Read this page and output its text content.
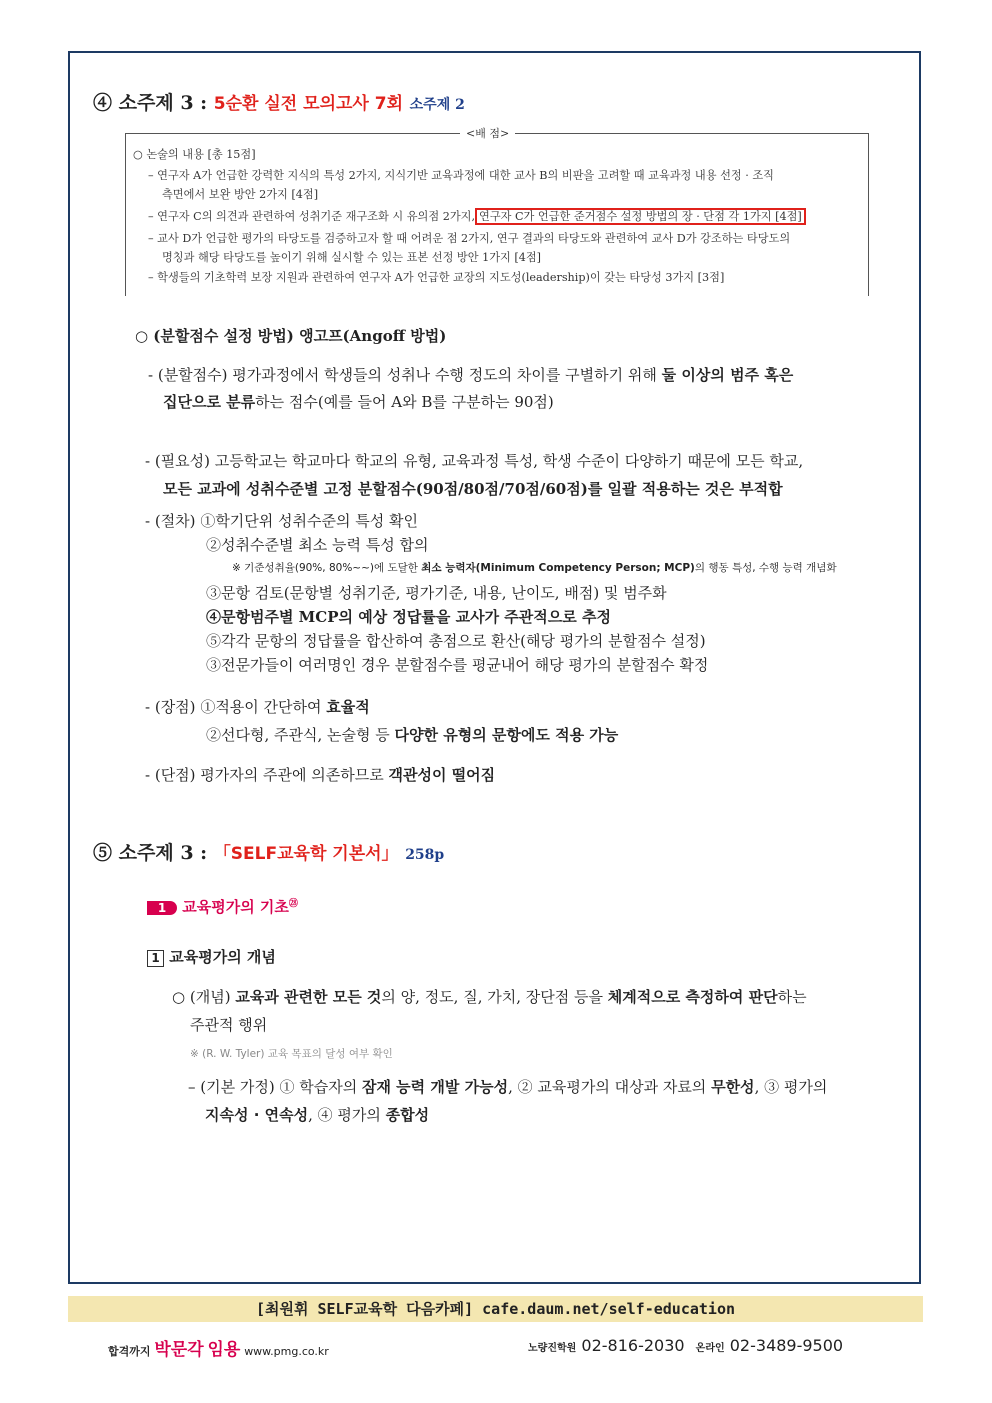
④ 소주제 3 : 5순환 실전 모의고사 7회 소주제 2
<배 점>
○ 논술의 내용 [총 15점]
– 연구자 A가 언급한 강력한 지식의 특성 2가지, 지식기반 교육과정에 대한 교사 B의 비판을 고려할 때 교육과정 내용 선정 · 조직
측면에서 보완 방안 2가지 [4점]
– 연구자 C의 의견과 관련하여 성취기준 재구조화 시 유의점 2가지, 연구자 C가 언급한 준거점수 설정 방법의 장 · 단점 각 1가지 [4점]
– 교사 D가 언급한 평가의 타당도를 검증하고자 할 때 어려운 점 2가지, 연구 결과의 타당도와 관련하여 교사 D가 강조하는 타당도의
명칭과 해당 타당도를 높이기 위해 실시할 수 있는 표본 선정 방안 1가지 [4점]
– 학생들의 기초학력 보장 지원과 관련하여 연구자 A가 언급한 교장의 지도성(leadership)이 갖는 타당성 3가지 [3점]
○ (분할점수 설정 방법) 앵고프(Angoff 방법)
- (분할점수) 평가과정에서 학생들의 성취나 수행 정도의 차이를 구별하기 위해 둘 이상의 범주 혹은
집단으로 분류하는 점수(예를 들어 A와 B를 구분하는 90점)
- (필요성) 고등학교는 학교마다 학교의 유형, 교육과정 특성, 학생 수준이 다양하기 때문에 모든 학교,
모든 교과에 성취수준별 고정 분할점수(90점/80점/70점/60점)를 일괄 적용하는 것은 부적합
- (절차) ①학기단위 성취수준의 특성 확인
②성취수준별 최소 능력 특성 합의
※ 기준성취율(90%, 80%~~)에 도달한 최소 능력자(Minimum Competency Person; MCP)의 행동 특성, 수행 능력 개념화
③문항 검토(문항별 성취기준, 평가기준, 내용, 난이도, 배점) 및 범주화
④문항범주별 MCP의 예상 정답률을 교사가 주관적으로 추정
⑤각각 문항의 정답률을 합산하여 총점으로 환산(해당 평가의 분할점수 설정)
③전문가들이 여러명인 경우 분할점수를 평균내어 해당 평가의 분할점수 확정
- (장점) ①적용이 간단하여 효율적
②선다형, 주관식, 논술형 등 다양한 유형의 문항에도 적용 가능
- (단점) 평가자의 주관에 의존하므로 객관성이 떨어짐
⑤ 소주제 3 : 「SELF교육학 기본서」 258p
1 교육평가의 기초$^㉘$
1 교육평가의 개념
○ (개념) 교육과 관련한 모든 것의 양, 정도, 질, 가치, 장단점 등을 체계적으로 측정하여 판단하는
주관적 행위
※ (R. W. Tyler) 교육 목표의 달성 여부 확인
– (기본 가정) ① 학습자의 잠재 능력 개발 가능성, ② 교육평가의 대상과 자료의 무한성, ③ 평가의
지속성 · 연속성, ④ 평가의 종합성
[최원휘 SELF교육학 다음카페] cafe.daum.net/self-education
합격까지 박문각 임용 www.pmg.co.kr	노량진학원 02-816-2030 온라인 02-3489-9500
